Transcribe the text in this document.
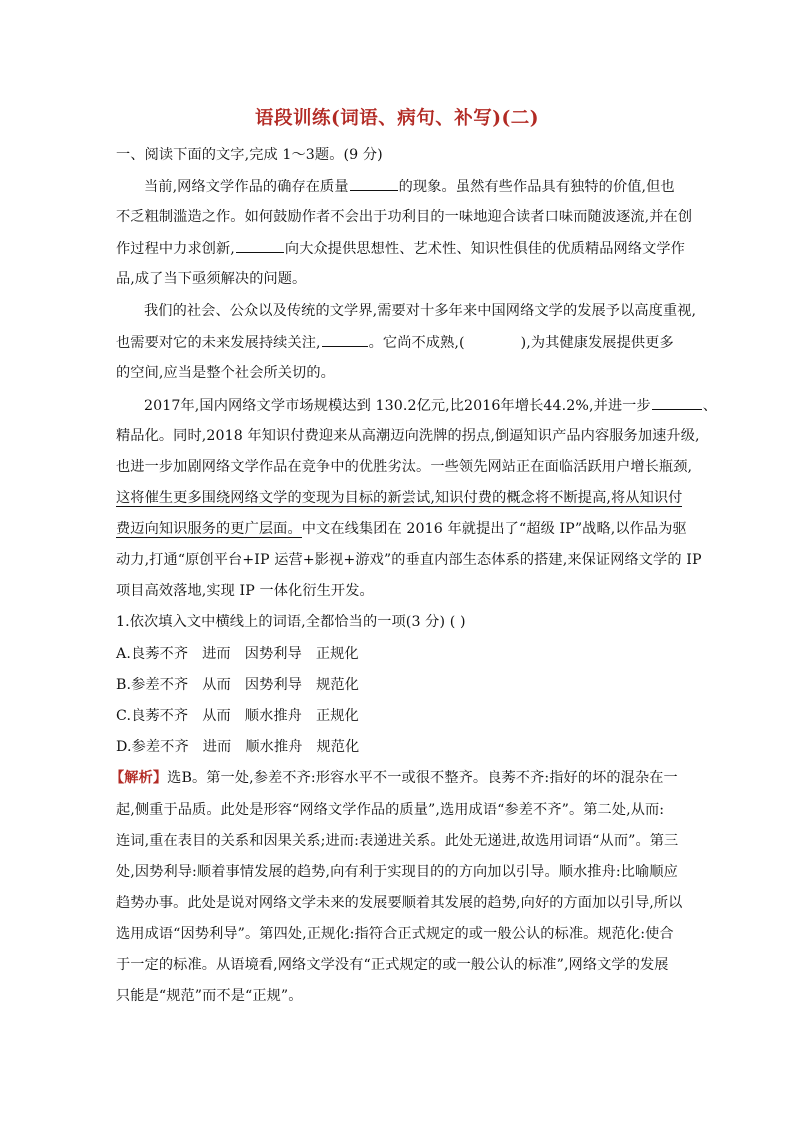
语段训练(词语、病句、补写)(二)
一、阅读下面的文字,完成 1～3题。(9 分)
当前,网络文学作品的确存在质量	的现象。虽然有些作品具有独特的价值,但也
不乏粗制滥造之作。如何鼓励作者不会出于功利目的一味地迎合读者口味而随波逐流,并在创
作过程中力求创新,	向大众提供思想性、艺术性、知识性俱佳的优质精品网络文学作
品,成了当下亟须解决的问题。
我们的社会、公众以及传统的文学界,需要对十多年来中国网络文学的发展予以高度重视,
也需要对它的未来发展持续关注,	。它尚不成熟,(	),为其健康发展提供更多
的空间,应当是整个社会所关切的。
2017年,国内网络文学市场规模达到 130.2亿元,比2016年增长44.2%,并进一步	、
精品化。同时,2018 年知识付费迎来从高潮迈向洗牌的拐点,倒逼知识产品内容服务加速升级,
也进一步加剧网络文学作品在竞争中的优胜劣汰。一些领先网站正在面临活跃用户增长瓶颈,
这将催生更多围绕网络文学的变现为目标的新尝试,知识付费的概念将不断提高,将从知识付
费迈向知识服务的更广层面。中文在线集团在 2016 年就提出了“超级 IP”战略,以作品为驱
动力,打通“原创平台+IP 运营+影视+游戏”的垂直内部生态体系的搭建,来保证网络文学的 IP
项目高效落地,实现 IP 一体化衍生开发。
1.依次填入文中横线上的词语,全都恰当的一项(3 分) ( )
A.良莠不齐 进而 因势利导 正规化
B.参差不齐 从而 因势利导 规范化
C.良莠不齐 从而 顺水推舟 正规化
D.参差不齐 进而 顺水推舟 规范化
【解析】选B。第一处,参差不齐:形容水平不一或很不整齐。良莠不齐:指好的坏的混杂在一
起,侧重于品质。此处是形容“网络文学作品的质量”,选用成语“参差不齐”。第二处,从而:
连词,重在表目的关系和因果关系;进而:表递进关系。此处无递进,故选用词语“从而”。第三
处,因势利导:顺着事情发展的趋势,向有利于实现目的的方向加以引导。顺水推舟:比喻顺应
趋势办事。此处是说对网络文学未来的发展要顺着其发展的趋势,向好的方面加以引导,所以
选用成语“因势利导”。第四处,正规化:指符合正式规定的或一般公认的标准。规范化:使合
于一定的标准。从语境看,网络文学没有“正式规定的或一般公认的标准”,网络文学的发展
只能是“规范”而不是“正规”。
